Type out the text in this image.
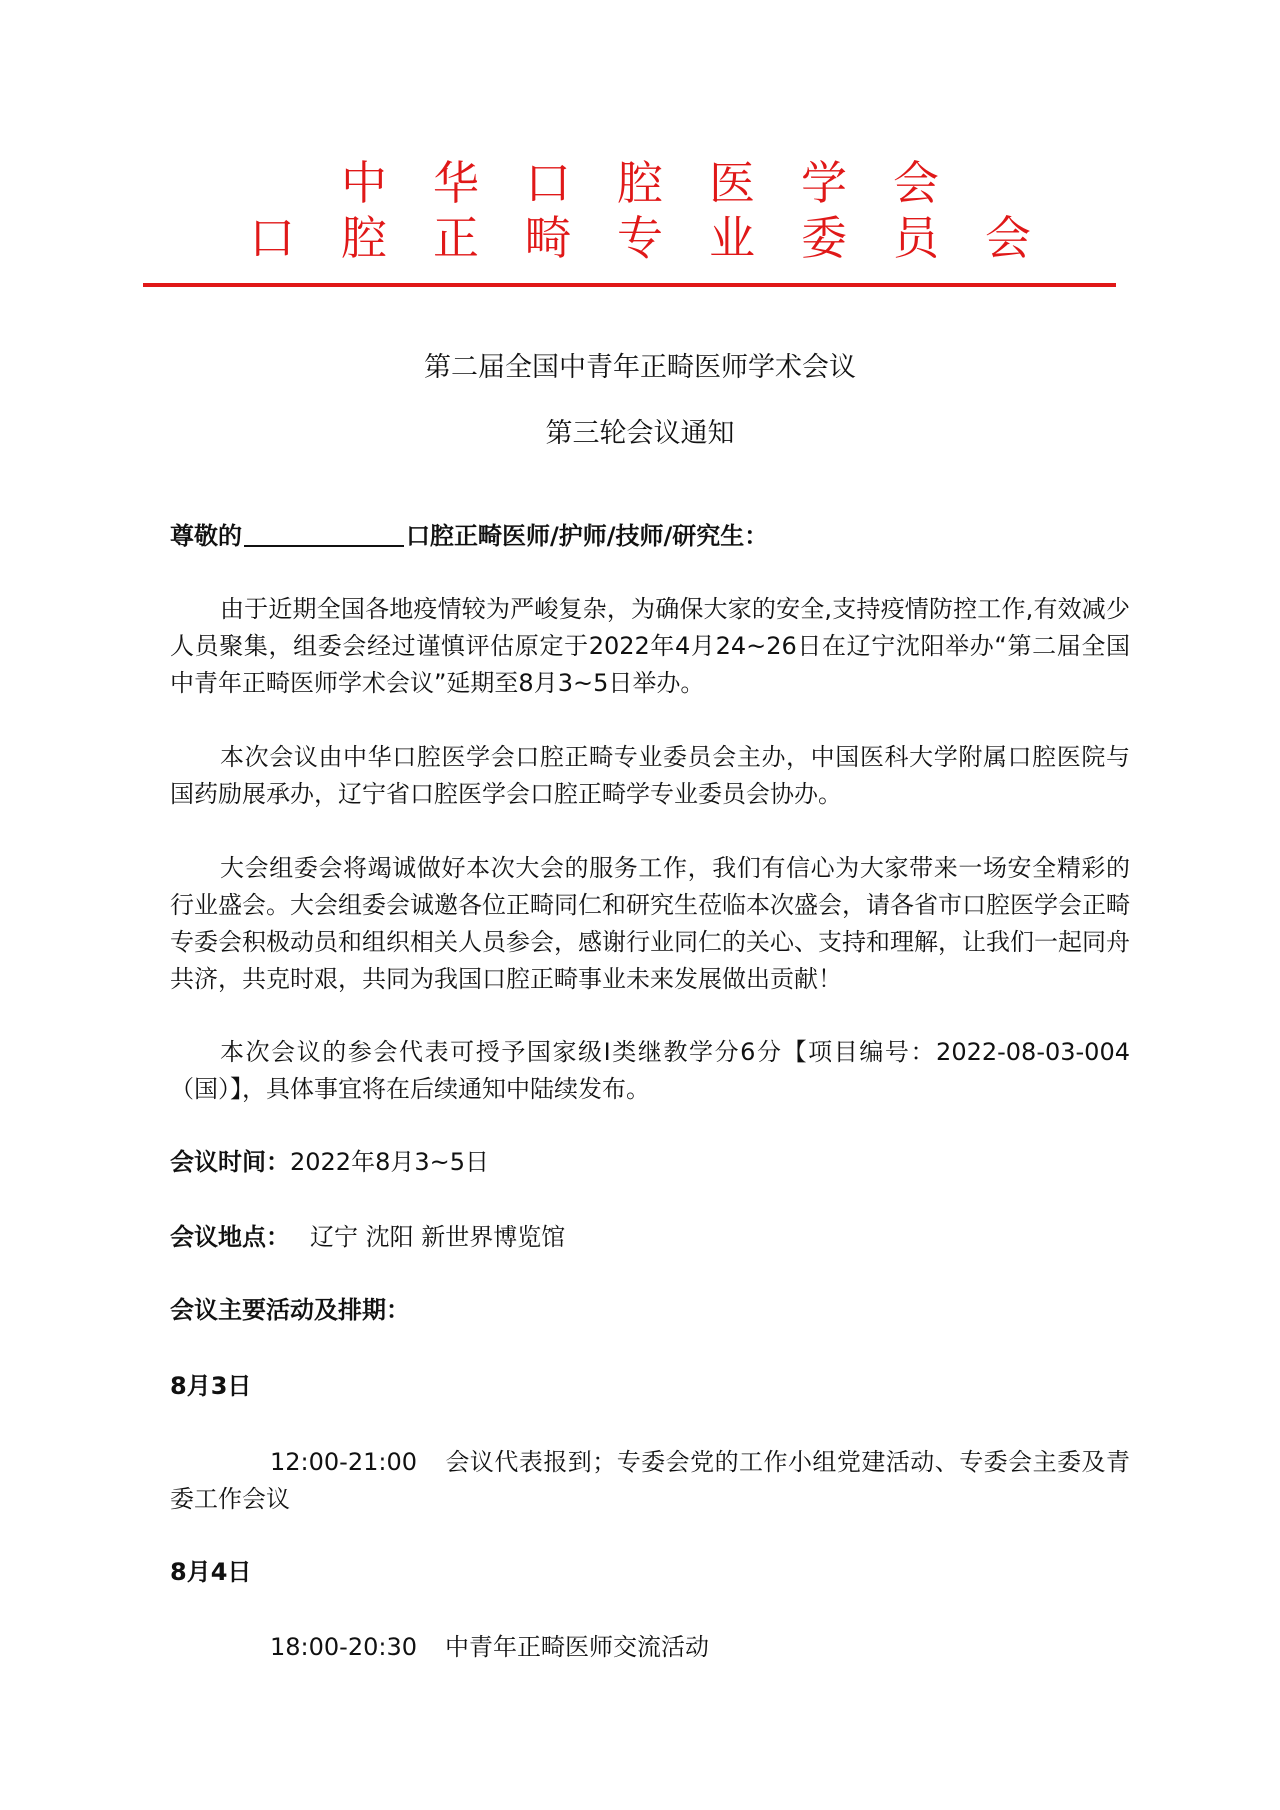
中　华　口　腔　医　学　会
口　腔　正　畸　专　业　委　员　会
第二届全国中青年正畸医师学术会议
第三轮会议通知
尊敬的	口腔正畸医师/护师/技师/研究生：
由于近期全国各地疫情较为严峻复杂，为确保大家的安全,支持疫情防控工作,有效减少人员聚集，组委会经过谨慎评估原定于2022年4月24~26日在辽宁沈阳举办“第二届全国中青年正畸医师学术会议”延期至8月3~5日举办。
本次会议由中华口腔医学会口腔正畸专业委员会主办，中国医科大学附属口腔医院与国药励展承办，辽宁省口腔医学会口腔正畸学专业委员会协办。
大会组委会将竭诚做好本次大会的服务工作，我们有信心为大家带来一场安全精彩的行业盛会。大会组委会诚邀各位正畸同仁和研究生莅临本次盛会，请各省市口腔医学会正畸专委会积极动员和组织相关人员参会，感谢行业同仁的关心、支持和理解，让我们一起同舟共济，共克时艰，共同为我国口腔正畸事业未来发展做出贡献！
本次会议的参会代表可授予国家级I类继教学分6分【项目编号：2022-08-03-004（国）】，具体事宜将在后续通知中陆续发布。
会议时间：2022年8月3~5日
会议地点： 辽宁 沈阳 新世界博览馆
会议主要活动及排期：
8月3日
12:00-21:00 会议代表报到；专委会党的工作小组党建活动、专委会主委及青委工作会议
8月4日
18:00-20:30 中青年正畸医师交流活动
